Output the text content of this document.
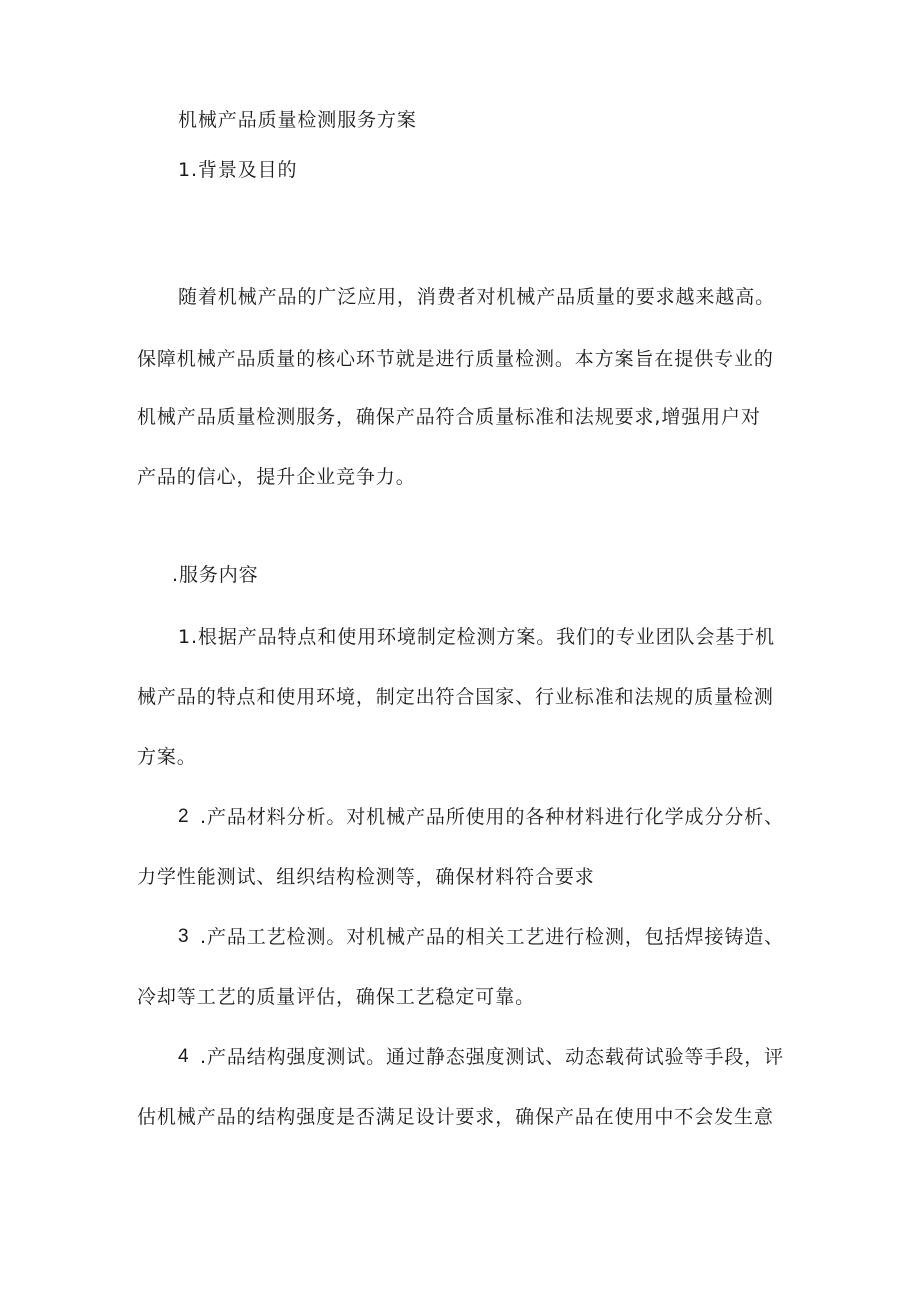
机械产品质量检测服务方案
1.背景及目的
随着机械产品的广泛应用，消费者对机械产品质量的要求越来越高。
保障机械产品质量的核心环节就是进行质量检测。本方案旨在提供专业的
机械产品质量检测服务，确保产品符合质量标准和法规要求,增强用户对
产品的信心，提升企业竞争力。
.服务内容
1.根据产品特点和使用环境制定检测方案。我们的专业团队会基于机
械产品的特点和使用环境，制定出符合国家、行业标准和法规的质量检测
方案。
2 .产品材料分析。对机械产品所使用的各种材料进行化学成分分析、
力学性能测试、组织结构检测等，确保材料符合要求
3 .产品工艺检测。对机械产品的相关工艺进行检测，包括焊接铸造、
冷却等工艺的质量评估，确保工艺稳定可靠。
4 .产品结构强度测试。通过静态强度测试、动态载荷试验等手段，评
估机械产品的结构强度是否满足设计要求，确保产品在使用中不会发生意
